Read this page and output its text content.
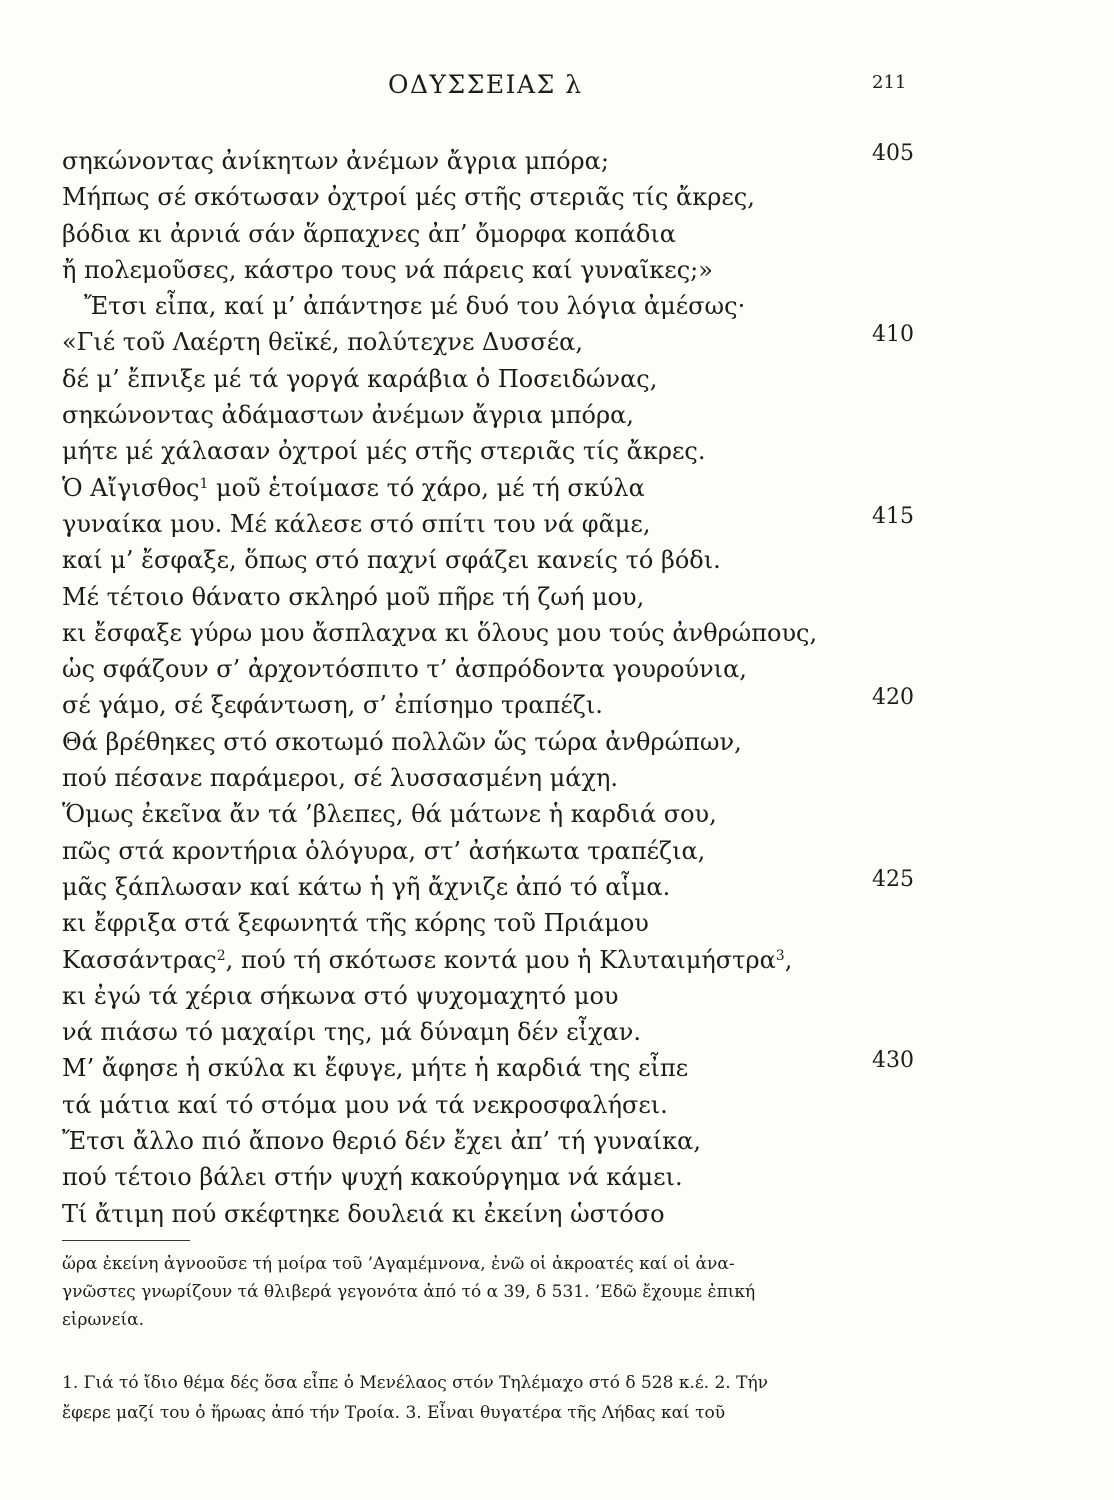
ΟΔΥΣΣΕΙΑΣ λ	211
σηκώνοντας ἀνίκητων ἀνέμων ἄγρια μπόρα;	405
Μήπως σέ σκότωσαν ὀχτροί μές στῆς στεριᾶς τίς ἄκρες,
βόδια κι ἀρνιά σάν ἅρπαχνες ἀπ’ ὄμορφα κοπάδια
ἤ πολεμοῦσες, κάστρο τους νά πάρεις καί γυναῖκες;»
Ἔτσι εἶπα, καί μ’ ἀπάντησε μέ δυό του λόγια ἀμέσως·
«Γιέ τοῦ Λαέρτη θεϊκέ, πολύτεχνε Δυσσέα,	410
δέ μ’ ἔπνιξε μέ τά γοργά καράβια ὁ Ποσειδώνας,
σηκώνοντας ἀδάμαστων ἀνέμων ἄγρια μπόρα,
μήτε μέ χάλασαν ὀχτροί μές στῆς στεριᾶς τίς ἄκρες.
Ὁ Αἴγισθος$^1$ μοῦ ἑτοίμασε τό χάρο, μέ τή σκύλα
γυναίκα μου. Μέ κάλεσε στό σπίτι του νά φᾶμε,	415
καί μ’ ἔσφαξε, ὅπως στό παχνί σφάζει κανείς τό βόδι.
Μέ τέτοιο θάνατο σκληρό μοῦ πῆρε τή ζωή μου,
κι ἔσφαξε γύρω μου ἄσπλαχνα κι ὅλους μου τούς ἀνθρώπους,
ὡς σφάζουν σ’ ἀρχοντόσπιτο τ’ ἀσπρόδοντα γουρούνια,
σέ γάμο, σέ ξεφάντωση, σ’ ἐπίσημο τραπέζι.	420
Θά βρέθηκες στό σκοτωμό πολλῶν ὥς τώρα ἀνθρώπων,
πού πέσανε παράμεροι, σέ λυσσασμένη μάχη.
Ὅμως ἐκεῖνα ἄν τά ’βλεπες, θά μάτωνε ἡ καρδιά σου,
πῶς στά κροντήρια ὁλόγυρα, στ’ ἀσήκωτα τραπέζια,
μᾶς ξάπλωσαν καί κάτω ἡ γῆ ἄχνιζε ἀπό τό αἷμα.	425
κι ἔφριξα στά ξεφωνητά τῆς κόρης τοῦ Πριάμου
Κασσάντρας$^2$, πού τή σκότωσε κοντά μου ἡ Κλυταιμήστρα$^3$,
κι ἐγώ τά χέρια σήκωνα στό ψυχομαχητό μου
νά πιάσω τό μαχαίρι της, μά δύναμη δέν εἶχαν.
Μ’ ἄφησε ἡ σκύλα κι ἔφυγε, μήτε ἡ καρδιά της εἶπε	430
τά μάτια καί τό στόμα μου νά τά νεκροσφαλήσει.
Ἔτσι ἄλλο πιό ἄπονο θεριό δέν ἔχει ἀπ’ τή γυναίκα,
πού τέτοιο βάλει στήν ψυχή κακούργημα νά κάμει.
Τί ἄτιμη πού σκέφτηκε δουλειά κι ἐκείνη ὡστόσο

ὥρα ἐκείνη ἀγνοοῦσε τή μοίρα τοῦ ’Αγαμέμνονα, ἐνῶ οἱ ἀκροατές καί οἱ ἀνα-

γνῶστες γνωρίζουν τά θλιβερά γεγονότα ἀπό τό α 39, δ 531. ’Εδῶ ἔχουμε ἐπική

εἰρωνεία.

1. Γιά τό ἴδιο θέμα δές ὅσα εἶπε ὁ Μενέλαος στόν Τηλέμαχο στό δ 528 κ.έ. 2. Τήν

ἔφερε μαζί του ὁ ἥρωας ἀπό τήν Τροία. 3. Εἶναι θυγατέρα τῆς Λήδας καί τοῦ
